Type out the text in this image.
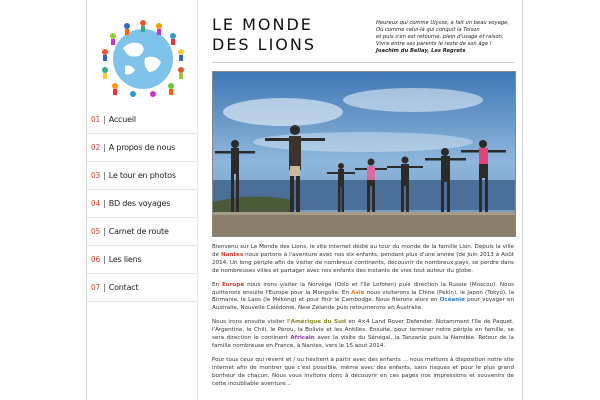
01 | Accueil
02 | A propos de nous
03 | Le tour en photos
04 | BD des voyages
05 | Carnet de route
06 | Les liens
07 | Contact
LE MONDE
DES LIONS
Heureux qui comme Ulysse, a fait un beau voyage,
Ou comme celui-là qui conquit la Toison
et puis s'en est retourné, plein d'usage et raison,
Vivre entre ses parents le reste de son âge !
Joachim du Bellay, Les Regrets

Bienvenu sur Le Monde des Lions, le site internet dédié au tour du monde de la famille Lion. Depuis la ville de Nantes nous partons à l'aventure avec nos six enfants, pendant plus d'une année (de Juin 2013 à Août 2014. Un long périple afin de visiter de nombreux continents, découvrir de nombreux pays, se perdre dans de nombreuses villes et partager avec nos enfants des instants de vies tout autour du globe.

En Europe nous irons visiter la Norvège (Oslo et l'île Lofoten) puis direction la Russie (Moscou). Nous quitterons ensuite l'Europe pour la Mongolie. En Asie nous visiterons la Chine (Pékin), le Japon (Tokyo), la Birmanie, le Laos (le Mékong) et pour finir le Cambodge. Nous filerons alors en Océanie pour voyager en Australie, Nouvelle Calédonie, New Zélande puis retournerons en Australie.

Nous irons ensuite visiter l'Amérique du Sud en 4×4 Land Rover Defender. Notamment l'île de Paquet, l'Argentine, le Chili, le Pérou, la Bolivie et les Antilles. Ensuite, pour terminer notre périple en famille, se sera direction le continent Africain avec la visite du Sénégal, la Tanzanie puis la Namibie. Retour de la famille nombreuse en France, à Nantes, vers le 15 aout 2014.

Pour tous ceux qui rêvent et / ou hésitent à partir avec des enfants ... nous mettons à disposition notre site internet afin de montrer que c'est possible, même avec des enfants, sans risques et pour le plus grand bonheur de chacun. Nous vous invitons donc à découvrir en ces pages nos impressions et souvenirs de cette inoubliable aventure...
